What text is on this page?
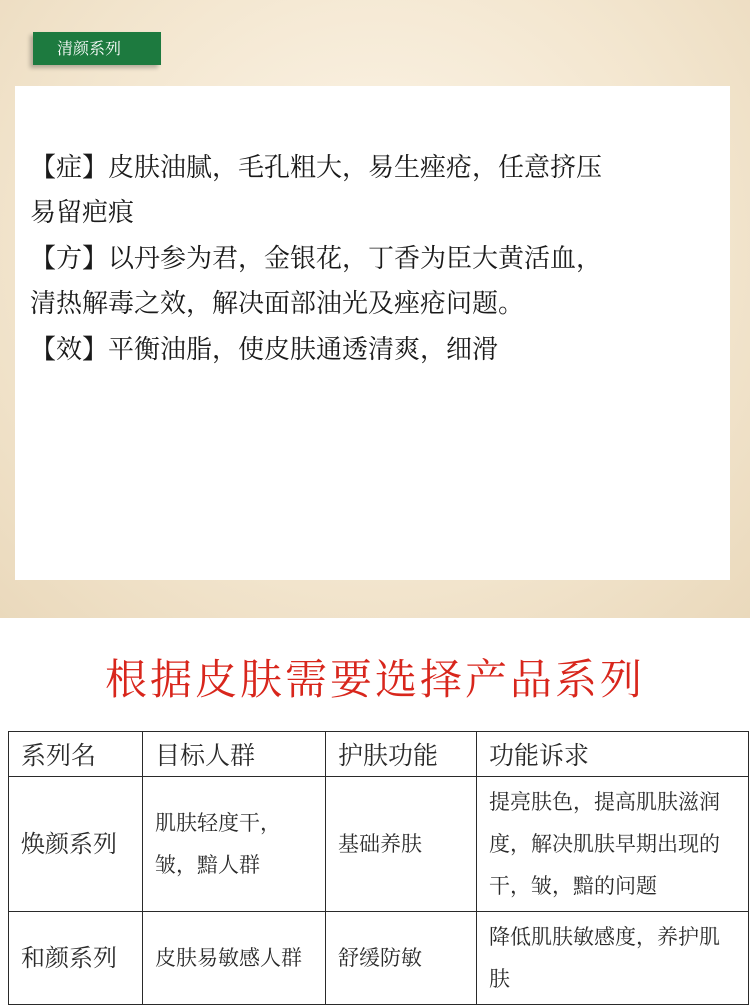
清颜系列
【症】皮肤油腻，毛孔粗大，易生痤疮，任意挤压
易留疤痕
【方】以丹参为君，金银花，丁香为臣大黄活血，
清热解毒之效，解决面部油光及痤疮问题。
【效】平衡油脂，使皮肤通透清爽，细滑
根据皮肤需要选择产品系列
系列名	目标人群	护肤功能	功能诉求
焕颜系列	肌肤轻度干，皱，黯人群	基础养肤	提亮肤色，提高肌肤滋润度，解决肌肤早期出现的干，皱，黯的问题
和颜系列	皮肤易敏感人群	舒缓防敏	降低肌肤敏感度，养护肌肤
